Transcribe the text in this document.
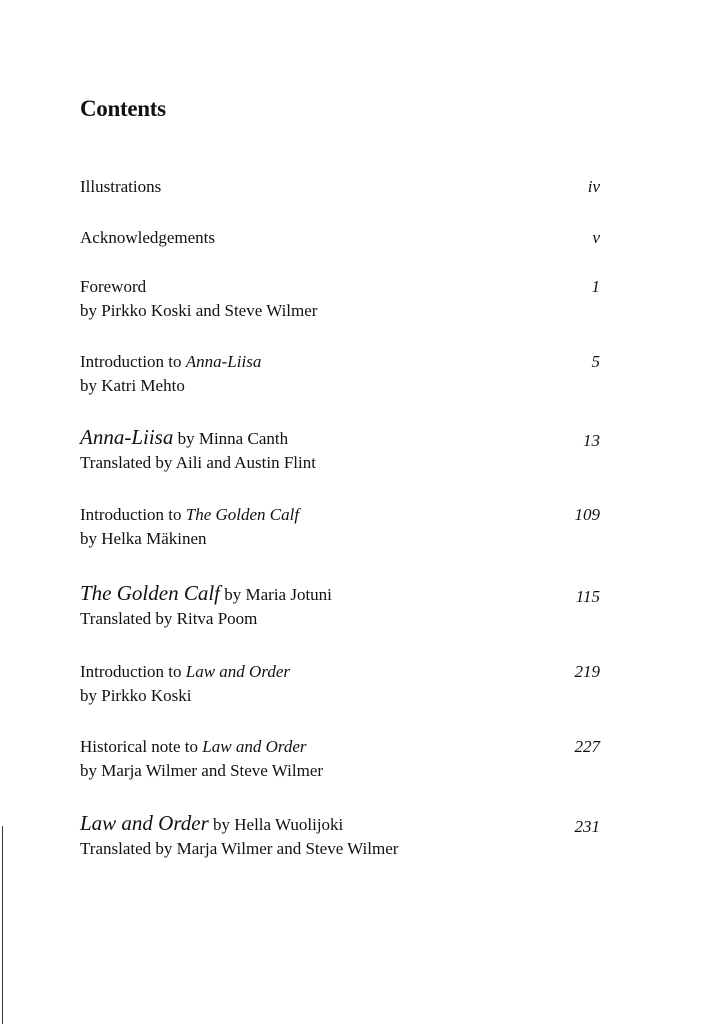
Contents
Illustrations	iv
Acknowledgements	v
Foreword
by Pirkko Koski and Steve Wilmer
1
Introduction to Anna-Liisa
by Katri Mehto
5
Anna-Liisa by Minna Canth
Translated by Aili and Austin Flint
13
Introduction to The Golden Calf
by Helka Mäkinen
109
The Golden Calf by Maria Jotuni
Translated by Ritva Poom
115
Introduction to Law and Order
by Pirkko Koski
219
Historical note to Law and Order
by Marja Wilmer and Steve Wilmer
227
Law and Order by Hella Wuolijoki
Translated by Marja Wilmer and Steve Wilmer
231
